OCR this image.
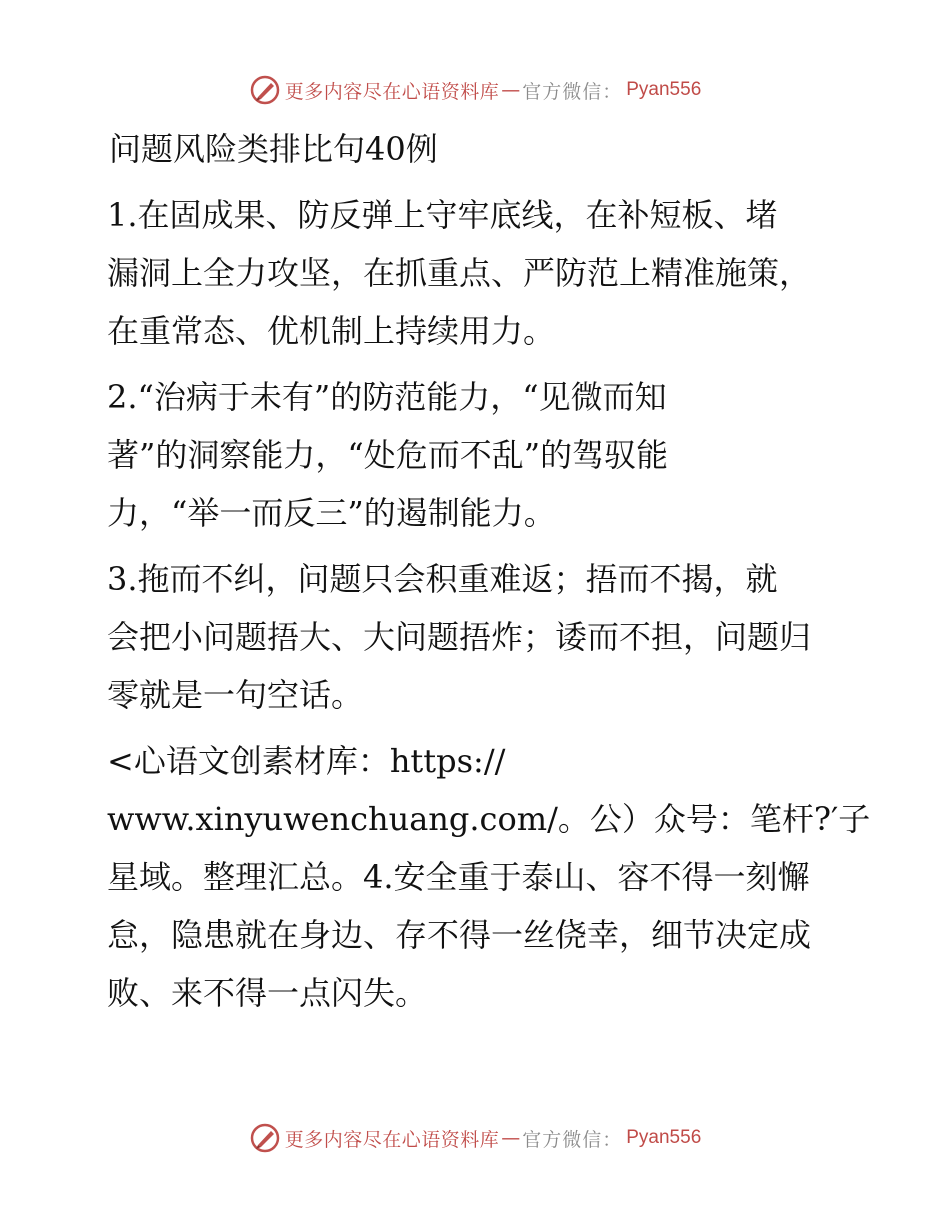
更多内容尽在心语资料库 — 官方微信： Pyan556

问题风险类排比句40例

1.在固成果、防反弹上守牢底线，在补短板、堵
漏洞上全力攻坚，在抓重点、严防范上精准施策，
在重常态、优机制上持续用力。

2.“治病于未有”的防范能力，“见微而知
著”的洞察能力，“处危而不乱”的驾驭能
力，“举一而反三”的遏制能力。

3.拖而不纠，问题只会积重难返；捂而不揭，就
会把小问题捂大、大问题捂炸；诿而不担，问题归
零就是一句空话。

<心语文创素材库：https://
www.xinyuwenchuang.com/。公）众号：笔杆?′子
星域。整理汇总。4.安全重于泰山、容不得一刻懈
怠，隐患就在身边、存不得一丝侥幸，细节决定成
败、来不得一点闪失。

更多内容尽在心语资料库 — 官方微信： Pyan556
